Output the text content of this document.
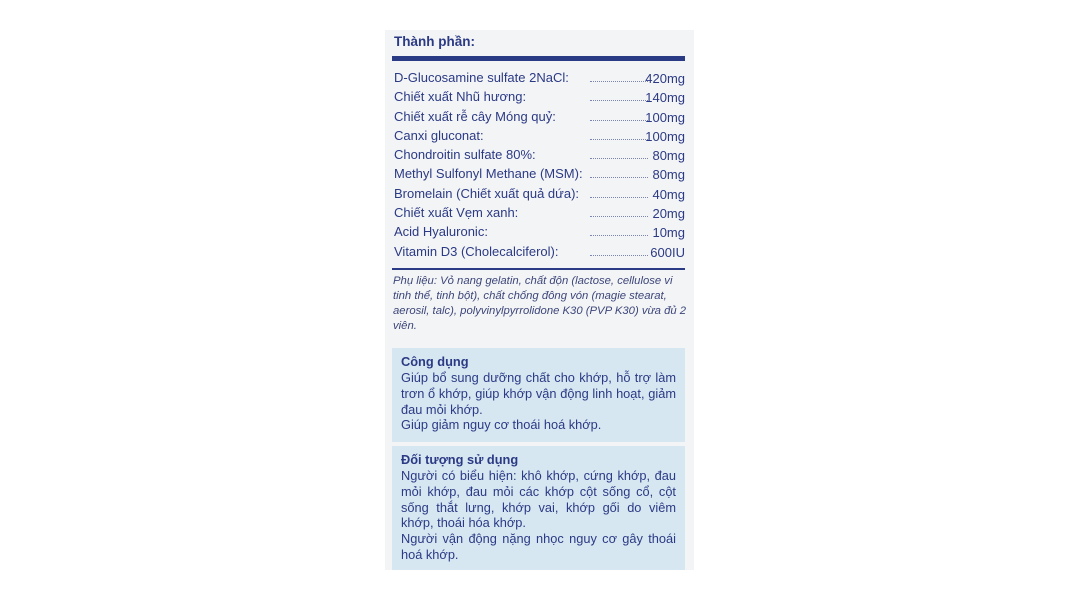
Thành phần:
D-Glucosamine sulfate 2NaCl:	420mg
Chiết xuất Nhũ hương:	140mg
Chiết xuất rễ cây Móng quỷ:	100mg
Canxi gluconat:	100mg
Chondroitin sulfate 80%:	80mg
Methyl Sulfonyl Methane (MSM):	80mg
Bromelain (Chiết xuất quả dứa):	40mg
Chiết xuất Vẹm xanh:	20mg
Acid Hyaluronic:	10mg
Vitamin D3 (Cholecalciferol):	600IU
Phụ liệu: Vỏ nang gelatin, chất độn (lactose, cellulose vi tinh thể, tinh bột), chất chống đông vón (magie stearat, aerosil, talc), polyvinylpyrrolidone K30 (PVP K30) vừa đủ 2 viên.
Công dụng
Giúp bổ sung dưỡng chất cho khớp, hỗ trợ làm trơn ổ khớp, giúp khớp vận động linh hoạt, giảm đau mỏi khớp.
Giúp giảm nguy cơ thoái hoá khớp.
Đối tượng sử dụng
Người có biểu hiện: khô khớp, cứng khớp, đau mỏi khớp, đau mỏi các khớp cột sống cổ, cột sống thắt lưng, khớp vai, khớp gối do viêm khớp, thoái hóa khớp.
Người vận động nặng nhọc nguy cơ gây thoái hoá khớp.
